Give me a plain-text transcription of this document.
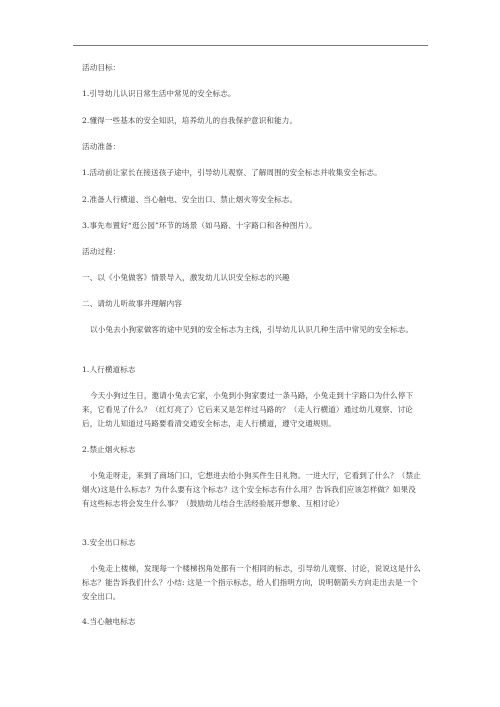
活动目标：
1.引导幼儿认识日常生活中常见的安全标志。
2.懂得一些基本的安全知识，培养幼儿的自我保护意识和能力。
活动准备：
1.活动前让家长在接送孩子途中，引导幼儿观察、了解周围的安全标志并收集安全标志。
2.准备人行横道、当心触电、安全出口、禁止烟火等安全标志。
3.事先布置好“逛公园”环节的场景（如马路、十字路口和各种图片）。
活动过程：
一、以《小兔做客》情景导入，激发幼儿认识安全标志的兴趣
二、请幼儿听故事并理解内容
以小兔去小狗家做客的途中见到的安全标志为主线，引导幼儿认识几种生活中常见的安全标志。
1.人行横道标志
今天小狗过生日，邀请小兔去它家，小兔到小狗家要过一条马路，小兔走到十字路口为什么停下来，它看见了什么？（红灯亮了）它后来又是怎样过马路的？（走人行横道）通过幼儿观察、讨论后，让幼儿知道过马路要看清交通安全标志，走人行横道，遵守交通规则。
2.禁止烟火标志
小兔走呀走，来到了商场门口，它想进去给小狗买件生日礼物。一进大厅，它看到了什么？（禁止烟火)这是什么标志？为什么要有这个标志？这个安全标志有什么用？告诉我们应该怎样做？如果没有这些标志将会发生什么事？（鼓励幼儿结合生活经验展开想象、互相讨论）
3.安全出口标志
小兔走上楼梯，发现每一个楼梯拐角处都有一个相同的标志，引导幼儿观察、讨论，说说这是什么标志？能告诉我们什么？小结: 这是一个指示标志，给人们指明方向，说明朝箭头方向走出去是一个安全出口。
4.当心触电标志
